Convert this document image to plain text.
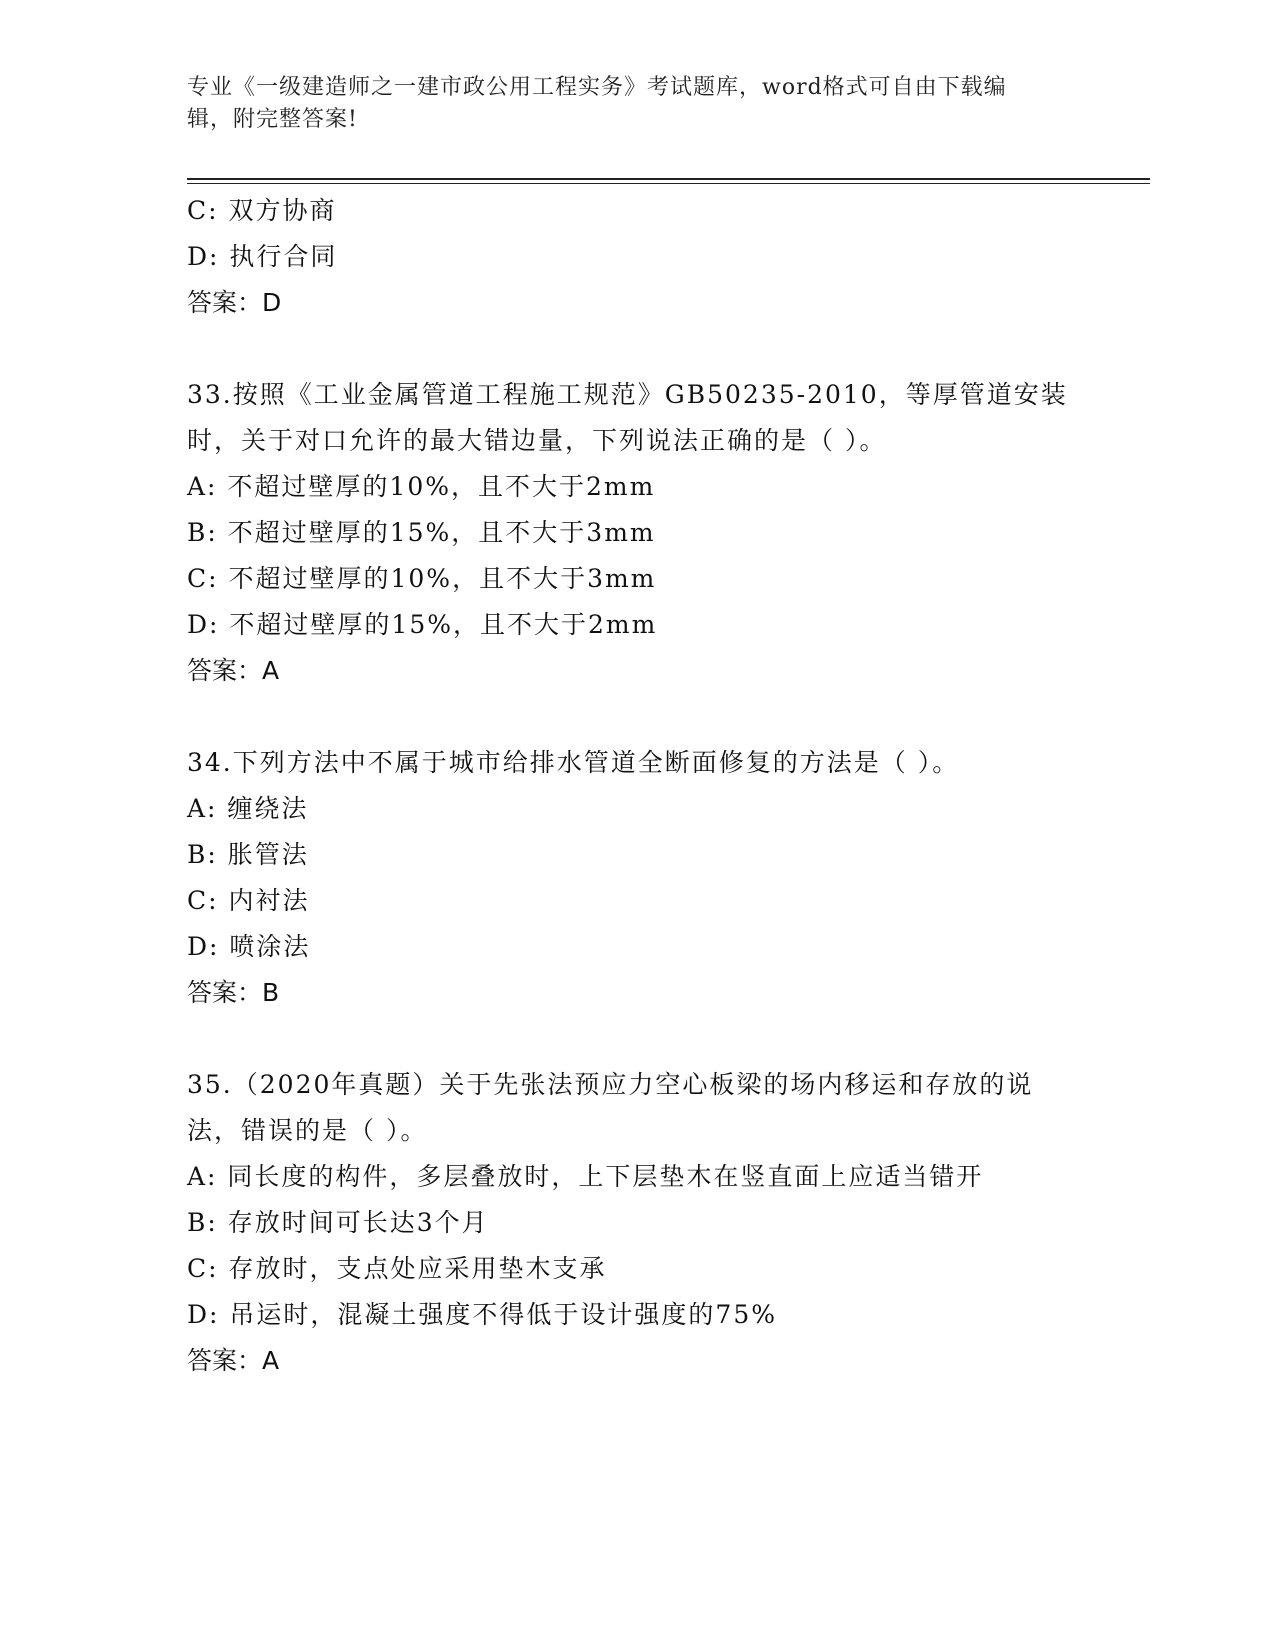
专业《一级建造师之一建市政公用工程实务》考试题库，word格式可自由下载编
辑，附完整答案!
C: 双方协商
D: 执行合同
答案：D
33.按照《工业金属管道工程施工规范》GB50235-2010，等厚管道安装
时，关于对口允许的最大错边量，下列说法正确的是（ ）。
A: 不超过壁厚的10%，且不大于2mm
B: 不超过壁厚的15%，且不大于3mm
C: 不超过壁厚的10%，且不大于3mm
D: 不超过壁厚的15%，且不大于2mm
答案：A
34.下列方法中不属于城市给排水管道全断面修复的方法是（ ）。
A: 缠绕法
B: 胀管法
C: 内衬法
D: 喷涂法
答案：B
35.（2020年真题）关于先张法预应力空心板梁的场内移运和存放的说
法，错误的是（ ）。
A: 同长度的构件，多层叠放时，上下层垫木在竖直面上应适当错开
B: 存放时间可长达3个月
C: 存放时，支点处应采用垫木支承
D: 吊运时，混凝土强度不得低于设计强度的75%
答案：A
